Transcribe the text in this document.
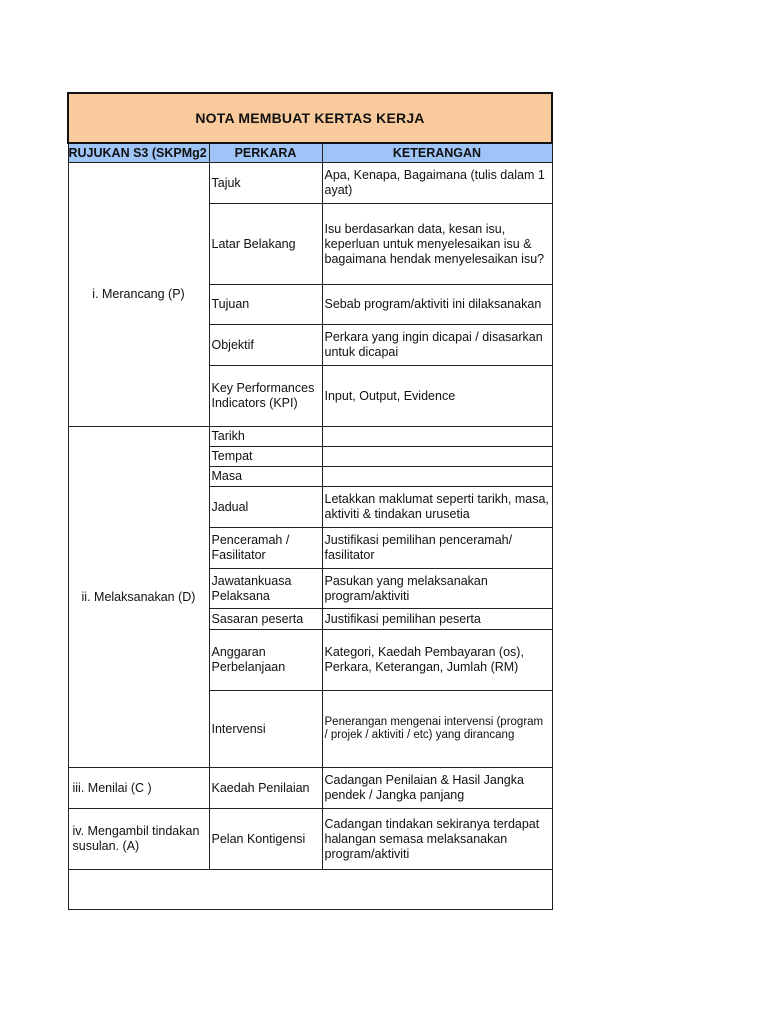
NOTA MEMBUAT KERTAS KERJA		
RUJUKAN S3 (SKPMg2	PERKARA	KETERANGAN
i. Merancang (P)	Tajuk	Apa, Kenapa, Bagaimana (tulis dalam 1 ayat)
	Latar Belakang	Isu berdasarkan data, kesan isu, keperluan untuk menyelesaikan isu & bagaimana hendak menyelesaikan isu?
	Tujuan	Sebab program/aktiviti ini dilaksanakan
	Objektif	Perkara yang ingin dicapai / disasarkan untuk dicapai
	Key Performances Indicators (KPI)	Input, Output, Evidence
ii. Melaksanakan (D)	Tarikh	
	Tempat	
	Masa	
	Jadual	Letakkan maklumat seperti tarikh, masa, aktiviti & tindakan urusetia
	Penceramah / Fasilitator	Justifikasi pemilihan penceramah/ fasilitator
	Jawatankuasa Pelaksana	Pasukan yang melaksanakan program/aktiviti
	Sasaran peserta	Justifikasi pemilihan peserta
	Anggaran Perbelanjaan	Kategori, Kaedah Pembayaran (os), Perkara, Keterangan, Jumlah (RM)
	Intervensi	Penerangan mengenai intervensi (program / projek / aktiviti / etc) yang dirancang
iii. Menilai (C )	Kaedah Penilaian	Cadangan Penilaian & Hasil Jangka pendek / Jangka panjang
iv. Mengambil tindakan susulan. (A)	Pelan Kontigensi	Cadangan tindakan sekiranya terdapat halangan semasa melaksanakan program/aktiviti
